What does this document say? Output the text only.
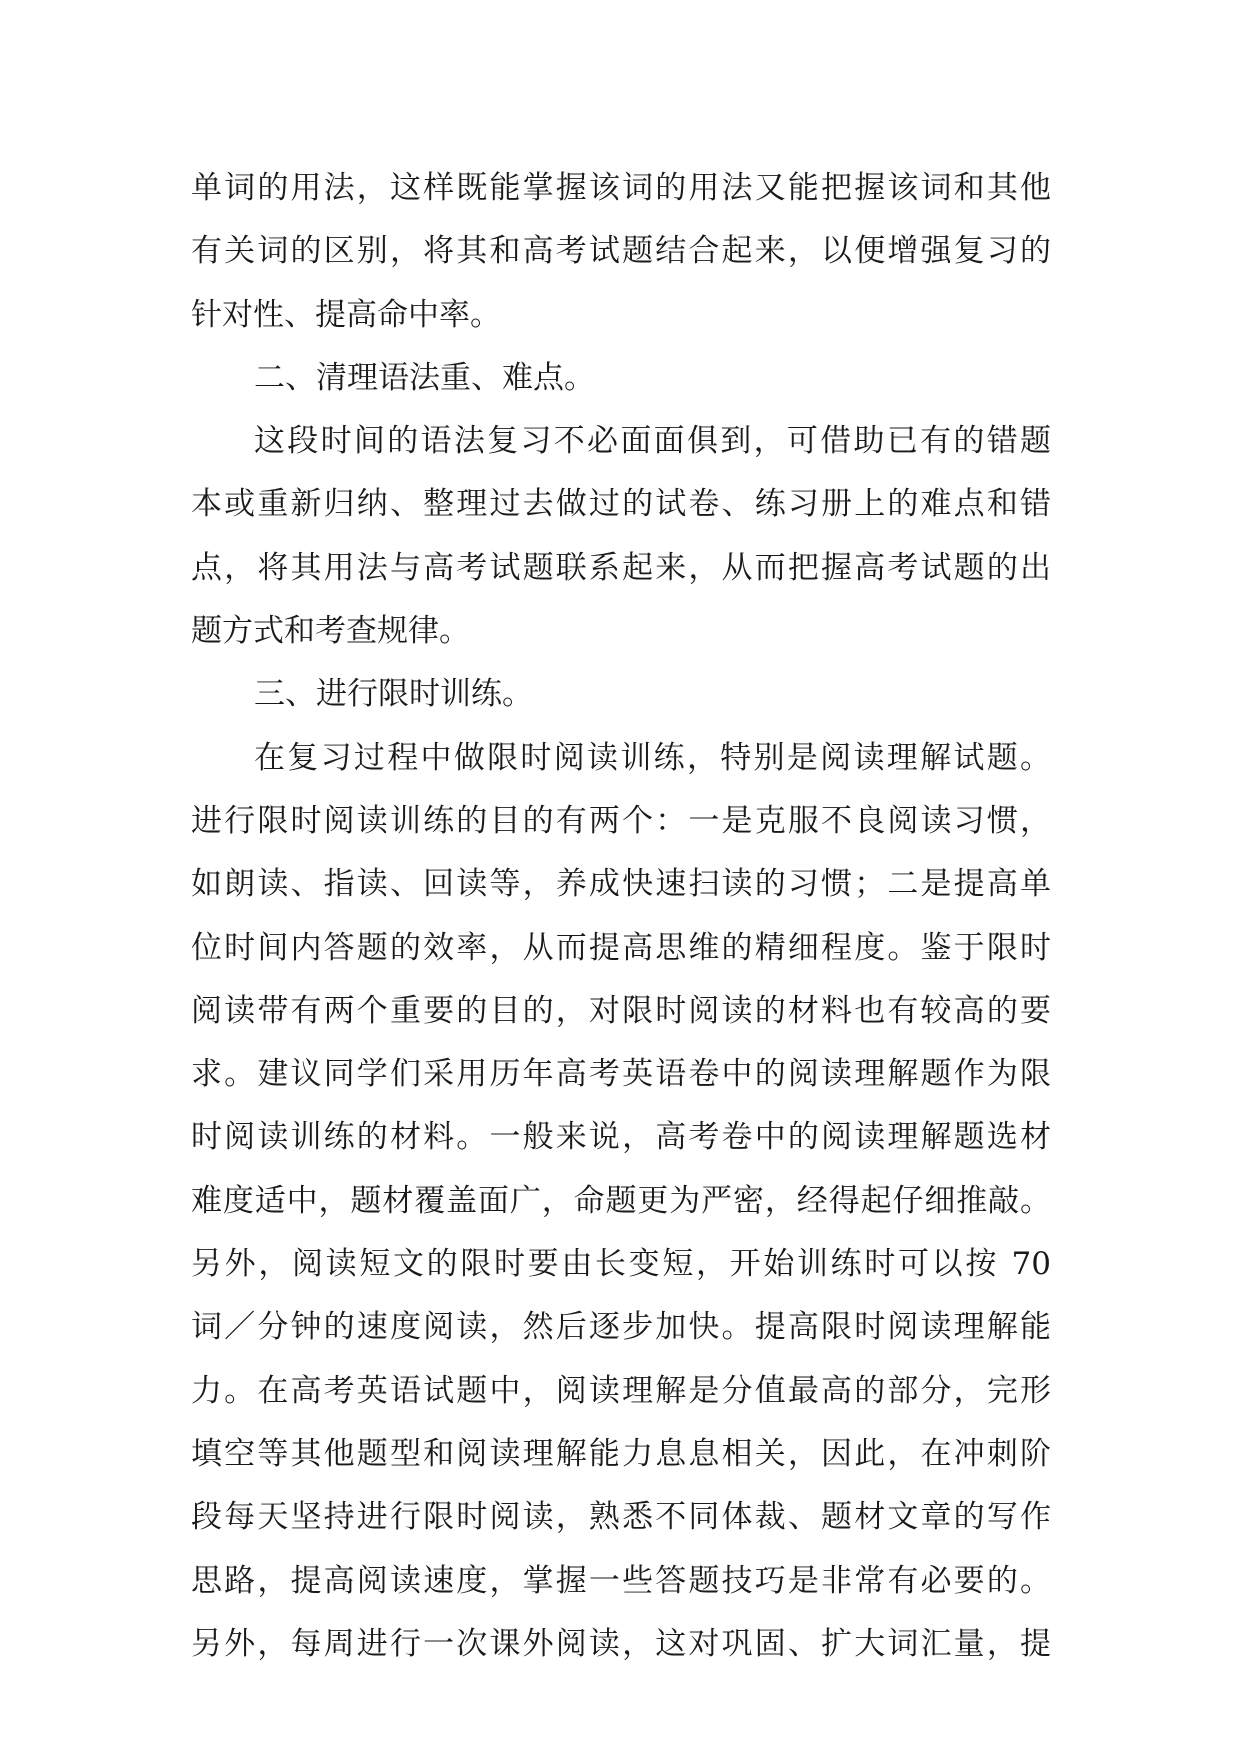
单词的用法，这样既能掌握该词的用法又能把握该词和其他
有关词的区别，将其和高考试题结合起来，以便增强复习的
针对性、提高命中率。
二、清理语法重、难点。
这段时间的语法复习不必面面俱到，可借助已有的错题
本或重新归纳、整理过去做过的试卷、练习册上的难点和错
点，将其用法与高考试题联系起来，从而把握高考试题的出
题方式和考查规律。
三、进行限时训练。
在复习过程中做限时阅读训练，特别是阅读理解试题。
进行限时阅读训练的目的有两个：一是克服不良阅读习惯，
如朗读、指读、回读等，养成快速扫读的习惯；二是提高单
位时间内答题的效率，从而提高思维的精细程度。鉴于限时
阅读带有两个重要的目的，对限时阅读的材料也有较高的要
求。建议同学们采用历年高考英语卷中的阅读理解题作为限
时阅读训练的材料。一般来说，高考卷中的阅读理解题选材
难度适中，题材覆盖面广，命题更为严密，经得起仔细推敲。
另外，阅读短文的限时要由长变短，开始训练时可以按 70
词／分钟的速度阅读，然后逐步加快。提高限时阅读理解能
力。在高考英语试题中，阅读理解是分值最高的部分，完形
填空等其他题型和阅读理解能力息息相关，因此，在冲刺阶
段每天坚持进行限时阅读，熟悉不同体裁、题材文章的写作
思路，提高阅读速度，掌握一些答题技巧是非常有必要的。
另外，每周进行一次课外阅读，这对巩固、扩大词汇量，提
